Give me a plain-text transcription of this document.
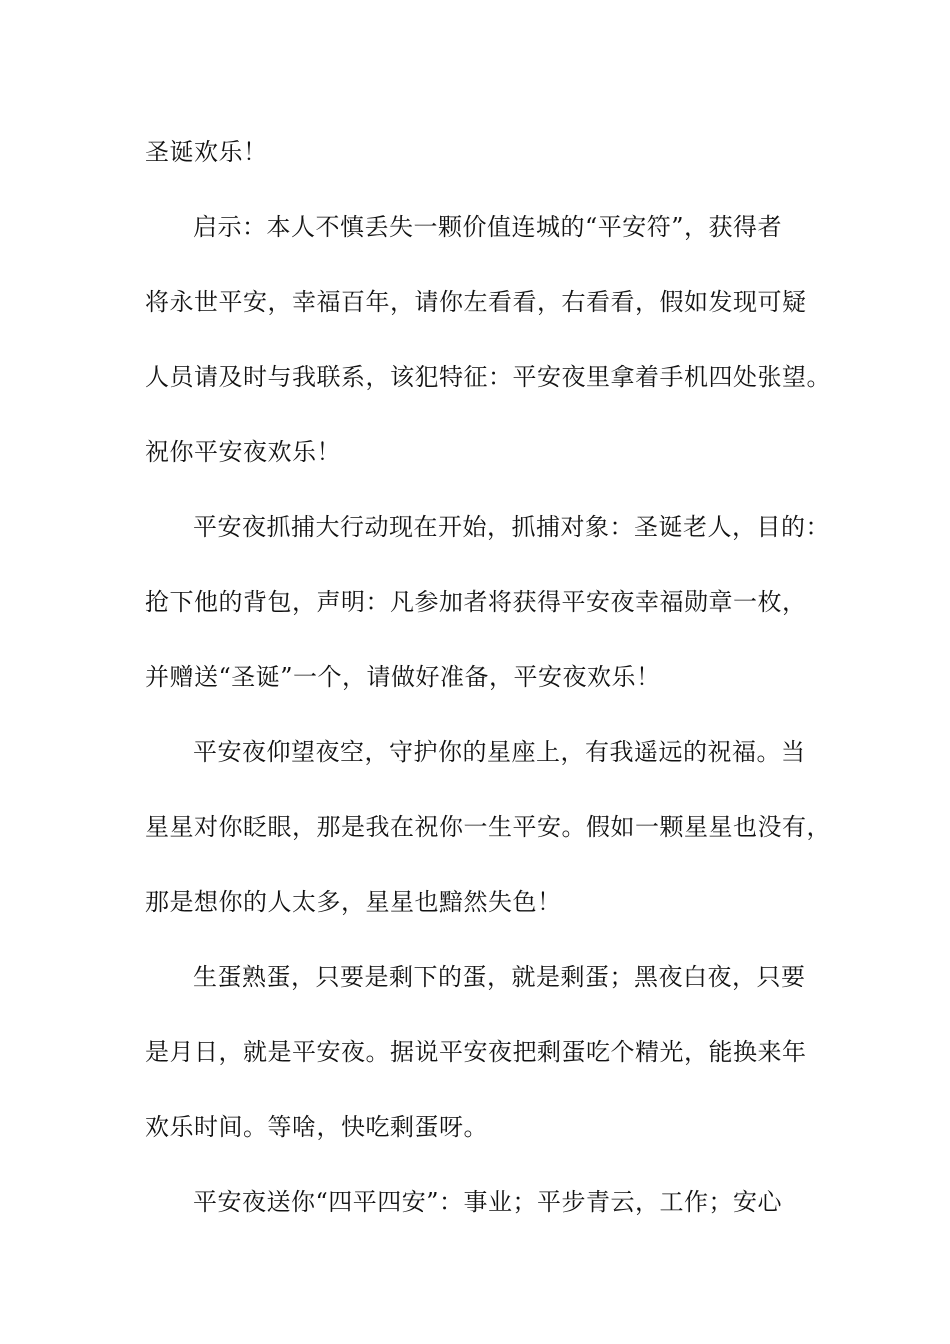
圣诞欢乐！
启示：本人不慎丢失一颗价值连城的“平安符”，获得者
将永世平安，幸福百年，请你左看看，右看看，假如发现可疑
人员请及时与我联系，该犯特征：平安夜里拿着手机四处张望。
祝你平安夜欢乐！
平安夜抓捕大行动现在开始，抓捕对象：圣诞老人，目的：
抢下他的背包，声明：凡参加者将获得平安夜幸福勋章一枚，
并赠送“圣诞”一个，请做好准备，平安夜欢乐！
平安夜仰望夜空，守护你的星座上，有我遥远的祝福。当
星星对你眨眼，那是我在祝你一生平安。假如一颗星星也没有，
那是想你的人太多，星星也黯然失色！
生蛋熟蛋，只要是剩下的蛋，就是剩蛋；黑夜白夜，只要
是月日，就是平安夜。据说平安夜把剩蛋吃个精光，能换来年
欢乐时间。等啥，快吃剩蛋呀。
平安夜送你“四平四安”：事业；平步青云，工作；安心
